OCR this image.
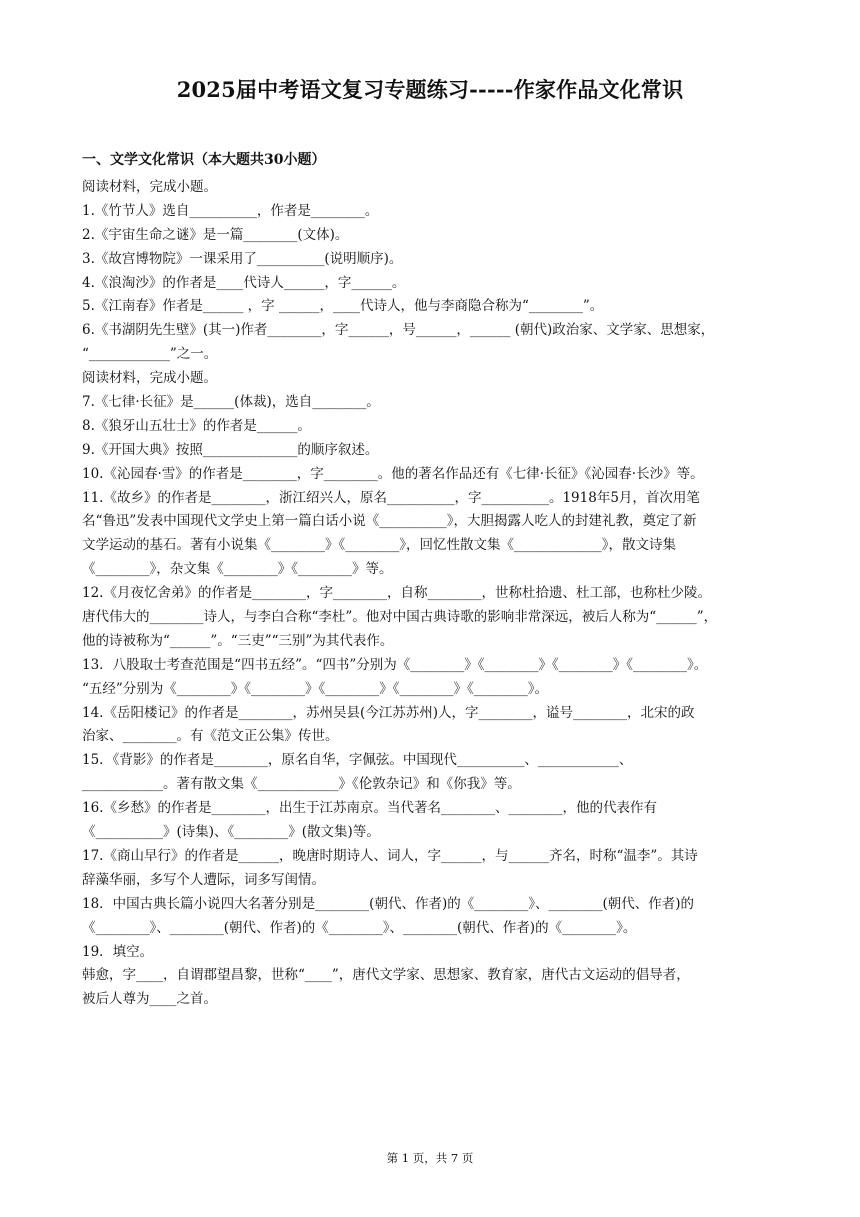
2025届中考语文复习专题练习-----作家作品文化常识
一、文学文化常识（本大题共30小题）
阅读材料，完成小题。
1.《竹节人》选自__________，作者是________。
2.《宇宙生命之谜》是一篇________(文体)。
3.《故宫博物院》一课采用了__________(说明顺序)。
4.《浪淘沙》的作者是____代诗人______，字______。
5.《江南春》作者是______ ，字 ______，____代诗人，他与李商隐合称为“________”。
6.《书湖阴先生壁》(其一)作者________，字______，号______，______ (朝代)政治家、文学家、思想家，
“____________”之一。
阅读材料，完成小题。
7.《七律·长征》是______(体裁)，选自________。
8.《狼牙山五壮士》的作者是______。
9.《开国大典》按照______________的顺序叙述。
10.《沁园春·雪》的作者是________，字________。他的著名作品还有《七律·长征》《沁园春·长沙》等。
11.《故乡》的作者是________，浙江绍兴人，原名__________，字__________。1918年5月，首次用笔
名“鲁迅”发表中国现代文学史上第一篇白话小说《__________》，大胆揭露人吃人的封建礼教，奠定了新
文学运动的基石。著有小说集《________》《________》，回忆性散文集《_____________》，散文诗集
《________》，杂文集《________》《________》等。
12.《月夜忆舍弟》的作者是________，字________，自称________，世称杜拾遗、杜工部，也称杜少陵。
唐代伟大的________诗人，与李白合称“李杜”。他对中国古典诗歌的影响非常深远，被后人称为“______”，
他的诗被称为“______”。“三吏”“三别”为其代表作。
13．八股取士考查范围是“四书五经”。“四书”分别为《________》《________》《________》《________》。
“五经”分别为《________》《________》《________》《________》《________》。
14.《岳阳楼记》的作者是________，苏州吴县(今江苏苏州)人，字________，谥号________，北宋的政
治家、________。有《范文正公集》传世。
15．《背影》的作者是________，原名自华，字佩弦。中国现代__________、____________、
____________。著有散文集《____________》《伦敦杂记》和《你我》等。
16.《乡愁》的作者是________，出生于江苏南京。当代著名________、________，他的代表作有
《__________》(诗集)、《________》(散文集)等。
17.《商山早行》的作者是______，晚唐时期诗人、词人，字______，与______齐名，时称“温李”。其诗
辞藻华丽，多写个人遭际，词多写闺情。
18．中国古典长篇小说四大名著分别是________(朝代、作者)的《________》、________(朝代、作者)的
《________》、________(朝代、作者)的《________》、________(朝代、作者)的《________》。
19．填空。
韩愈，字____，自谓郡望昌黎，世称“____”，唐代文学家、思想家、教育家，唐代古文运动的倡导者，
被后人尊为____之首。
第 1 页，共 7 页
